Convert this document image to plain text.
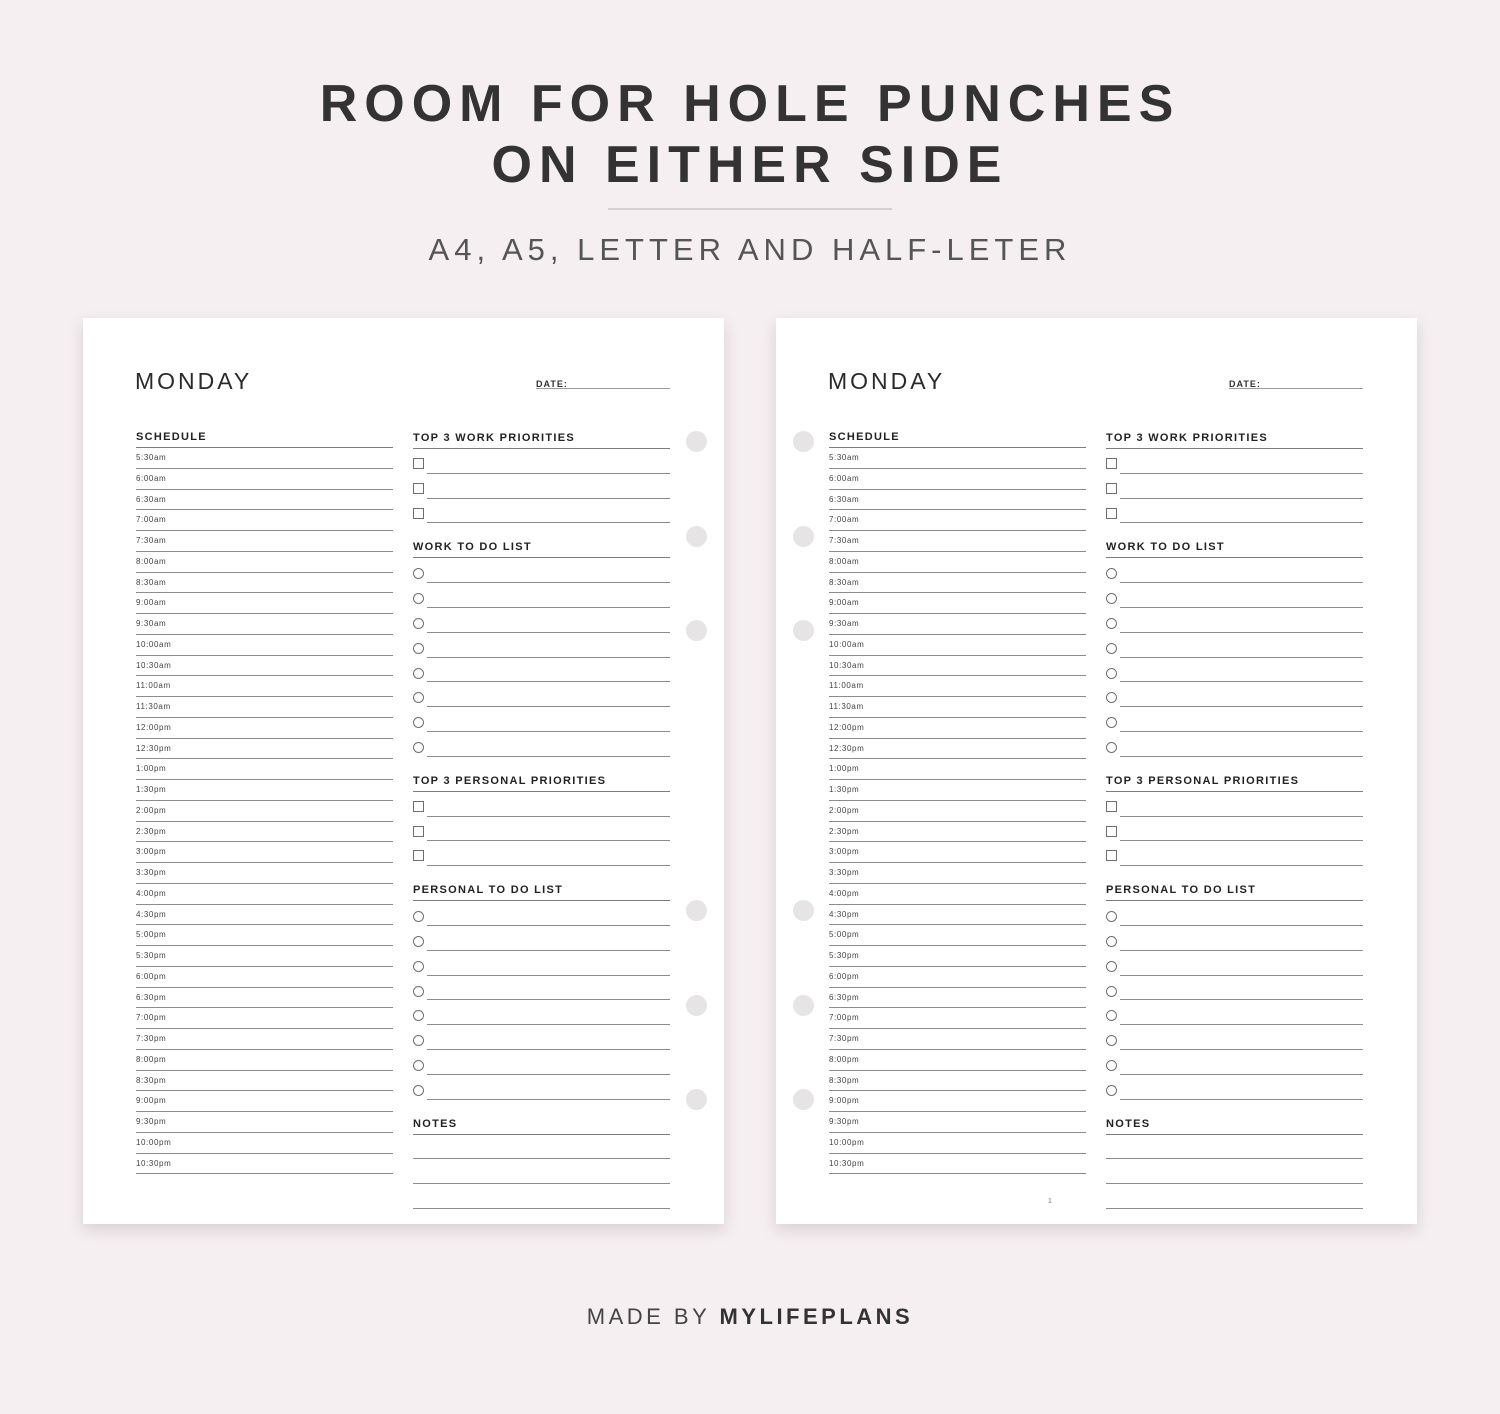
ROOM FOR HOLE PUNCHES
ON EITHER SIDE
A4, A5, LETTER AND HALF-LETER
MONDAY	DATE:
SCHEDULE
5:30am
6:00am
6:30am
7:00am
7:30am
8:00am
8:30am
9:00am
9:30am
10:00am
10:30am
11:00am
11:30am
12:00pm
12:30pm
1:00pm
1:30pm
2:00pm
2:30pm
3:00pm
3:30pm
4:00pm
4:30pm
5:00pm
5:30pm
6:00pm
6:30pm
7:00pm
7:30pm
8:00pm
8:30pm
9:00pm
9:30pm
10:00pm
10:30pm
TOP 3 WORK PRIORITIES
WORK TO DO LIST
TOP 3 PERSONAL PRIORITIES
PERSONAL TO DO LIST
NOTES
MONDAY	DATE:
SCHEDULE
5:30am
6:00am
6:30am
7:00am
7:30am
8:00am
8:30am
9:00am
9:30am
10:00am
10:30am
11:00am
11:30am
12:00pm
12:30pm
1:00pm
1:30pm
2:00pm
2:30pm
3:00pm
3:30pm
4:00pm
4:30pm
5:00pm
5:30pm
6:00pm
6:30pm
7:00pm
7:30pm
8:00pm
8:30pm
9:00pm
9:30pm
10:00pm
10:30pm
TOP 3 WORK PRIORITIES
WORK TO DO LIST
TOP 3 PERSONAL PRIORITIES
PERSONAL TO DO LIST
NOTES
1
MADE BY MYLIFEPLANS
